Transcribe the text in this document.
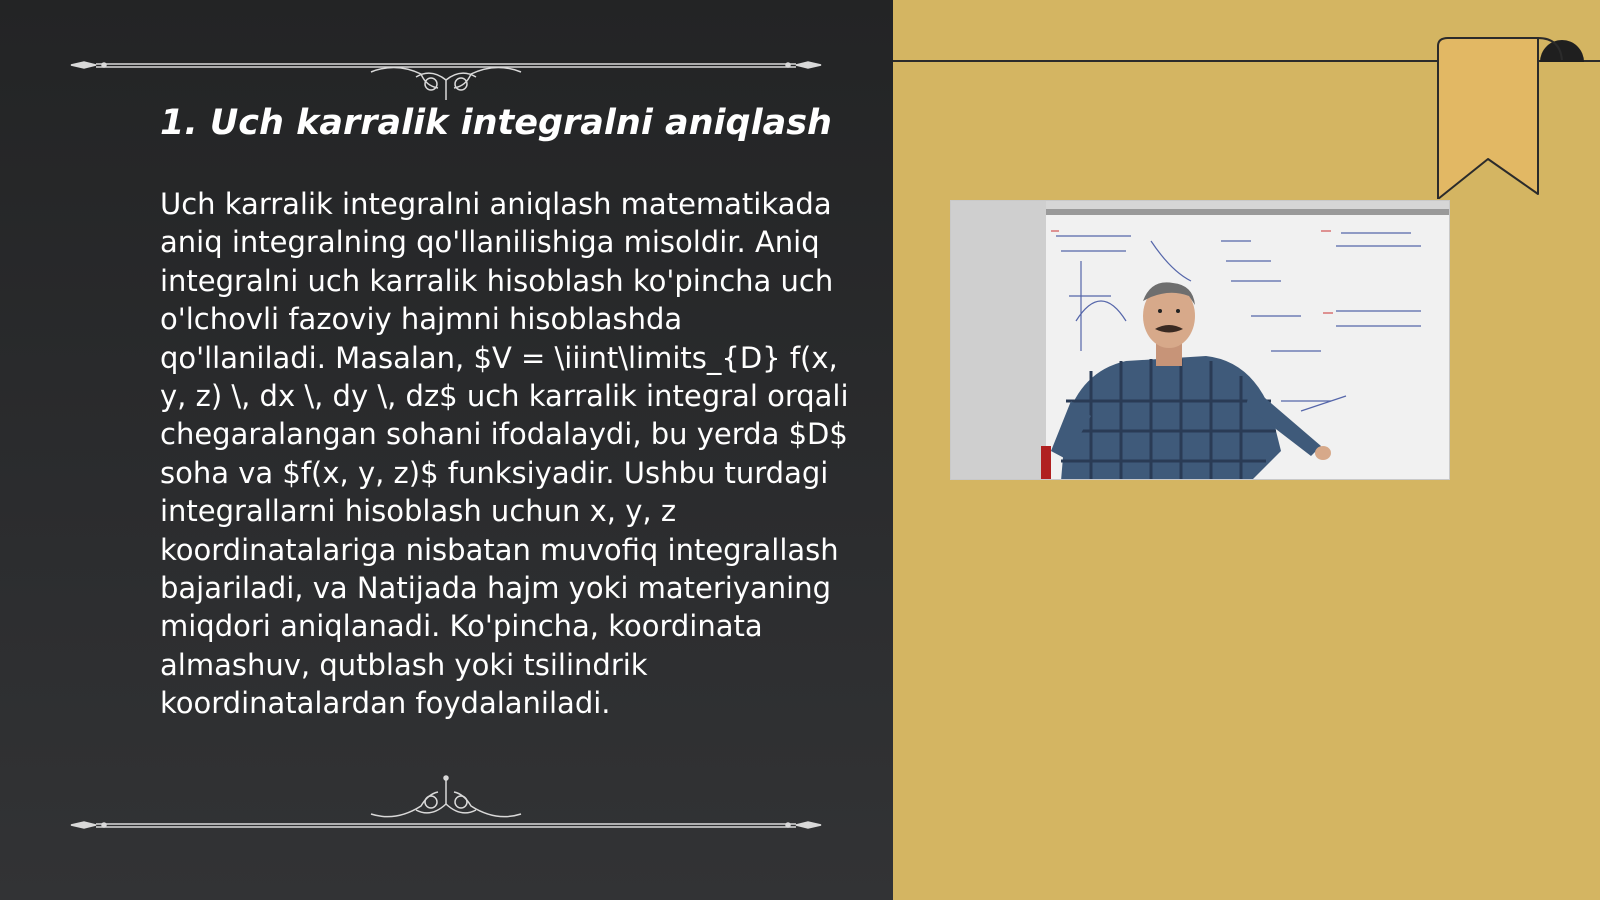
1. Uch karralik integralni aniqlash

Uch karralik integralni aniqlash matematikada aniq integralning qo'llanilishiga misoldir. Aniq integralni uch karralik hisoblash ko'pincha uch o'lchovli fazoviy hajmni hisoblashda qo'llaniladi. Masalan, $V = \iiint\limits_{D} f(x, y, z) \, dx \, dy \, dz$ uch karralik integral orqali chegaralangan sohani ifodalaydi, bu yerda $D$ soha va $f(x, y, z)$ funksiyadir. Ushbu turdagi integrallarni hisoblash uchun x, y, z koordinatalariga nisbatan muvofiq integrallash bajariladi, va Natijada hajm yoki materiyaning miqdori aniqlanadi. Ko'pincha, koordinata almashuv, qutblash yoki tsilindrik koordinatalardan foydalaniladi.
